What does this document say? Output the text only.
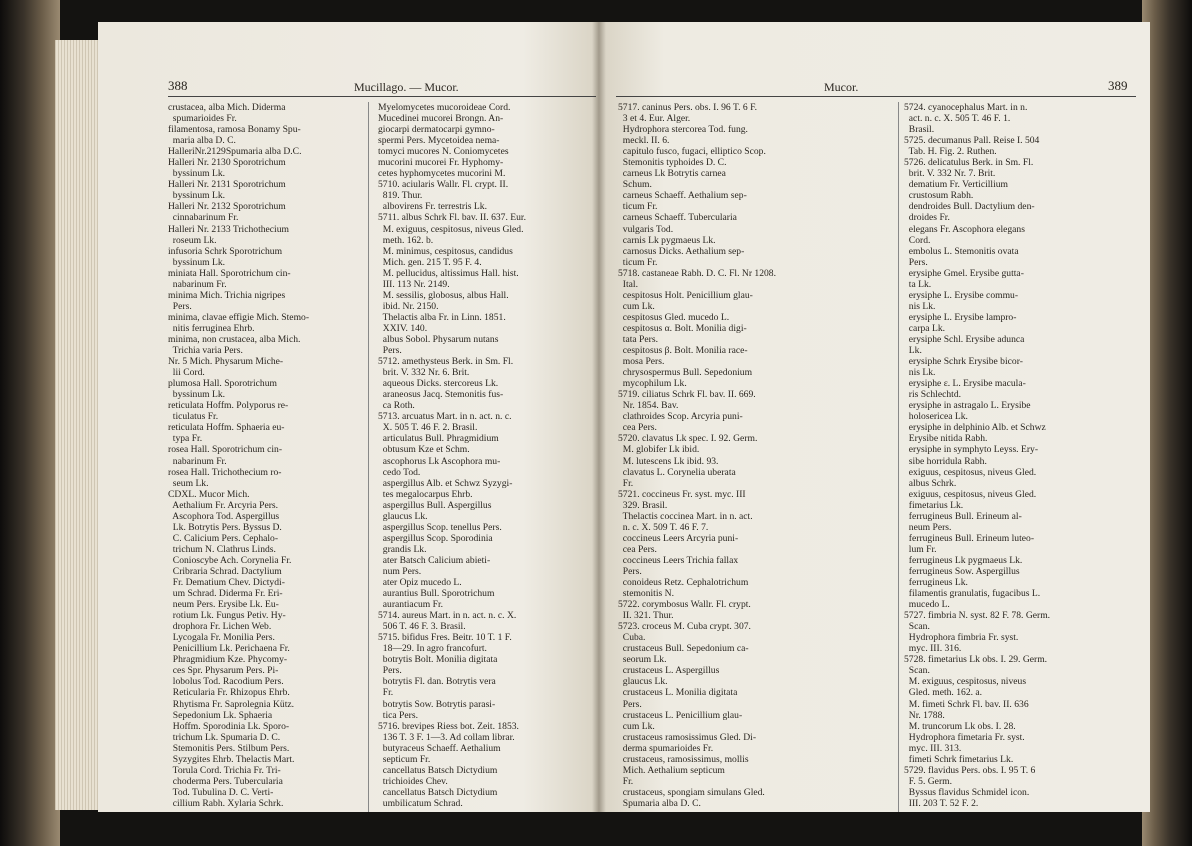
388	Mucillago. — Mucor.
crustacea, alba Mich. Diderma
spumarioides Fr.
filamentosa, ramosa Bonamy Spu-
maria alba D. C.
HalleriNr.2129Spumaria alba D.C.
Halleri Nr. 2130 Sporotrichum
byssinum Lk.
Halleri Nr. 2131 Sporotrichum
byssinum Lk.
Halleri Nr. 2132 Sporotrichum
cinnabarinum Fr.
Halleri Nr. 2133 Trichothecium
roseum Lk.
infusoria Schrk Sporotrichum
byssinum Lk.
miniata Hall. Sporotrichum cin-
nabarinum Fr.
minima Mich. Trichia nigripes
Pers.
minima, clavae effigie Mich. Stemo-
nitis ferruginea Ehrb.
minima, non crustacea, alba Mich.
Trichia varia Pers.
Nr. 5 Mich. Physarum Miche-
lii Cord.
plumosa Hall. Sporotrichum
byssinum Lk.
reticulata Hoffm. Polyporus re-
ticulatus Fr.
reticulata Hoffm. Sphaeria eu-
typa Fr.
rosea Hall. Sporotrichum cin-
nabarinum Fr.
rosea Hall. Trichothecium ro-
seum Lk.
CDXL. Mucor Mich.
Aethalium Fr. Arcyria Pers.
Ascophora Tod. Aspergillus
Lk. Botrytis Pers. Byssus D.
C. Calicium Pers. Cephalo-
trichum N. Clathrus Linds.
Conioscybe Ach. Coryneliа Fr.
Cribraria Schrad. Dactylium
Fr. Dematium Chev. Dictydi-
um Schrad. Diderma Fr. Erі-
neum Pers. Erysibe Lk. Eu-
rotium Lk. Fungus Petiv. Hy-
drophora Fr. Lichen Web.
Lycogala Fr. Monilia Pers.
Penicillium Lk. Perichaena Fr.
Phragmidium Kze. Phycomy-
ces Spr. Physarum Pers. Pi-
lobolus Tod. Racodium Pers.
Reticularia Fr. Rhizopus Ehrb.
Rhytisma Fr. Saprolegnia Kütz.
Sepedonium Lk. Sphaeria
Hoffm. Sporodinia Lk. Sporo-
trichum Lk. Spumaria D. C.
Stemonitis Pers. Stilbum Pers.
Syzygites Ehrb. Thelactis Mart.
Torula Cord. Trichia Fr. Tri-
choderma Pers. Tubercularia
Tod. Tubulina D. C. Verti-
cillium Rabh. Xylaria Schrk.
Myelomycetes mucoroideae Cord.
Mucedinei mucorei Brongn. An-
giocarpi dermatocarpi gymno-
spermi Pers. Mycetoidea nema-
tomyci mucores N. Coniomycetes
mucorini mucorei Fr. Hyphomy-
cetes hyphomycetes mucorini M.
5710. aciularis Wallr. Fl. crypt. II.
819. Thur.
albovirens Fr. terrestris Lk.
5711. albus Schrk Fl. bav. II. 637. Eur.
M. exiguus, cespitosus, niveus Gled.
meth. 162. b.
M. minimus, cespitosus, candidus
Mich. gen. 215 T. 95 F. 4.
M. pellucidus, altissimus Hall. hist.
III. 113 Nr. 2149.
M. sessilis, globosus, albus Hall.
ibid. Nr. 2150.
Thelactis alba Fr. in Linn. 1851.
XXIV. 140.
albus Sobol. Physarum nutans
Pers.
5712. amethysteus Berk. in Sm. Fl.
brit. V. 332 Nr. 6. Brit.
aqueous Dicks. stercoreus Lk.
araneosus Jacq. Stemonitis fus-
ca Roth.
5713. arcuatus Mart. in n. act. n. c.
X. 505 T. 46 F. 2. Brasil.
articulatus Bull. Phragmidium
obtusum Kze et Schm.
ascophorus Lk Ascophora mu-
cedo Tod.
aspergillus Alb. et Schwz Syzygi-
tes megalocarpus Ehrb.
aspergillus Bull. Aspergillus
glaucus Lk.
aspergillus Scop. tenellus Pers.
aspergillus Scop. Sporodinia
grandis Lk.
ater Batsch Calicium abieti-
num Pers.
ater Opiz mucedo L.
aurantius Bull. Sporotrichum
aurantiacum Fr.
5714. aureus Mart. in n. act. n. c. X.
506 T. 46 F. 3. Brasil.
5715. bifidus Fres. Beitr. 10 T. 1 F.
18—29. In agro francofurt.
botrytis Bolt. Monilia digitata
Pers.
botrytis Fl. dan. Botrytis vera
Fr.
botrytis Sow. Botrytis parasi-
tica Pers.
5716. brevipes Riess bot. Zeit. 1853.
136 T. 3 F. 1—3. Ad collam librar.
butyraceus Schaeff. Aethalium
septicum Fr.
cancellatus Batsch Dictydium
trichioides Chev.
cancellatus Batsch Dictydium
umbilicatum Schrad.
Mucor.	389
5717. caninus Pers. obs. I. 96 T. 6 F.
3 et 4. Eur. Alger.
Hydrophora stercorea Tod. fung.
meckl. II. 6.
capitulo fusco, fugaci, elliptico Scop.
Stemonitis typhoides D. C.
carneus Lk Botrytis carnea
Schum.
carneus Schaeff. Aethalium sep-
ticum Fr.
carneus Schaeff. Tubercularia
vulgaris Tod.
carnis Lk pygmaeus Lk.
carnosus Dicks. Aethalium sep-
ticum Fr.
5718. castaneae Rabh. D. C. Fl. Nr 1208.
Ital.
cespitosus Holt. Penicillium glau-
cum Lk.
cespitosus Gled. mucedo L.
cespitosus α. Bolt. Monilia digi-
tata Pers.
cespitosus β. Bolt. Monilia race-
mosa Pers.
chrysospermus Bull. Sepedonium
mycophilum Lk.
5719. ciliatus Schrk Fl. bav. II. 669.
Nr. 1854. Bav.
clathroides Scop. Arcyria puni-
cea Pers.
5720. clavatus Lk spec. I. 92. Germ.
M. globifer Lk ibid.
M. lutescens Lk ibid. 93.
clavatus L. Corynelia uberata
Fr.
5721. coccineus Fr. syst. myc. III
329. Brasil.
Thelactis coccinea Mart. in n. act.
n. c. X. 509 T. 46 F. 7.
coccineus Leers Arcyria puni-
cea Pers.
coccineus Leers Trichia fallax
Pers.
conoideus Retz. Cephalotrichum
stemonitis N.
5722. corymbosus Wallr. Fl. crypt.
II. 321. Thur.
5723. croceus M. Cuba crypt. 307.
Cuba.
crustaceus Bull. Sepedonium ca-
seorum Lk.
crustaceus L. Aspergillus
glaucus Lk.
crustaceus L. Monilia digitata
Pers.
crustaceus L. Penicillium glau-
cum Lk.
crustaceus ramosissimus Gled. Di-
derma spumarioides Fr.
crustaceus, ramosissimus, mollis
Mich. Aethalium septicum
Fr.
crustaceus, spongiam simulans Gled.
Spumaria alba D. C.
5724. cyanocephalus Mart. in n.
act. n. c. X. 505 T. 46 F. 1.
Brasil.
5725. decumanus Pall. Reise I. 504
Tab. H. Fig. 2. Ruthen.
5726. delicatulus Berk. in Sm. Fl.
brit. V. 332 Nr. 7. Brit.
dematium Fr. Verticillium
crustosum Rabh.
dendroides Bull. Dactylium den-
droides Fr.
elegans Fr. Ascophora elegans
Cord.
embolus L. Stemonitis ovata
Pers.
erysiphe Gmel. Erysibe gutta-
ta Lk.
erysiphe L. Erysibe commu-
nis Lk.
erysiphe L. Erysibe lampro-
carpa Lk.
erysiphe Schl. Erysibe adunca
Lk.
erysiphe Schrk Erysibe bicor-
nis Lk.
erysiphe ε. L. Erysibe macula-
ris Schlechtd.
erysiphe in astragalo L. Erysibe
holosericea Lk.
erysiphe in delphinio Alb. et Schwz
Erysibe nitida Rabh.
erysiphe in symphyto Leyss. Ery-
sibe horridula Rabh.
exiguus, cespitosus, niveus Gled.
albus Schrk.
exiguus, cespitosus, niveus Gled.
fimetarius Lk.
ferrugineus Bull. Erineum al-
neum Pers.
ferrugineus Bull. Erineum luteo-
lum Fr.
ferrugineus Lk pygmaeus Lk.
ferrugineus Sow. Aspergillus
ferrugineus Lk.
filamentis granulatis, fugacibus L.
mucedo L.
5727. fimbria N. syst. 82 F. 78. Germ.
Scan.
Hydrophora fimbria Fr. syst.
myc. III. 316.
5728. fimetarius Lk obs. I. 29. Germ.
Scan.
M. exiguus, cespitosus, niveus
Gled. meth. 162. a.
M. fimeti Schrk Fl. bav. II. 636
Nr. 1788.
M. truncorum Lk obs. I. 28.
Hydrophora fimetaria Fr. syst.
myc. III. 313.
fimeti Schrk fimetarius Lk.
5729. flavidus Pers. obs. I. 95 T. 6
F. 5. Germ.
Byssus flavidus Schmidel icon.
III. 203 T. 52 F. 2.
